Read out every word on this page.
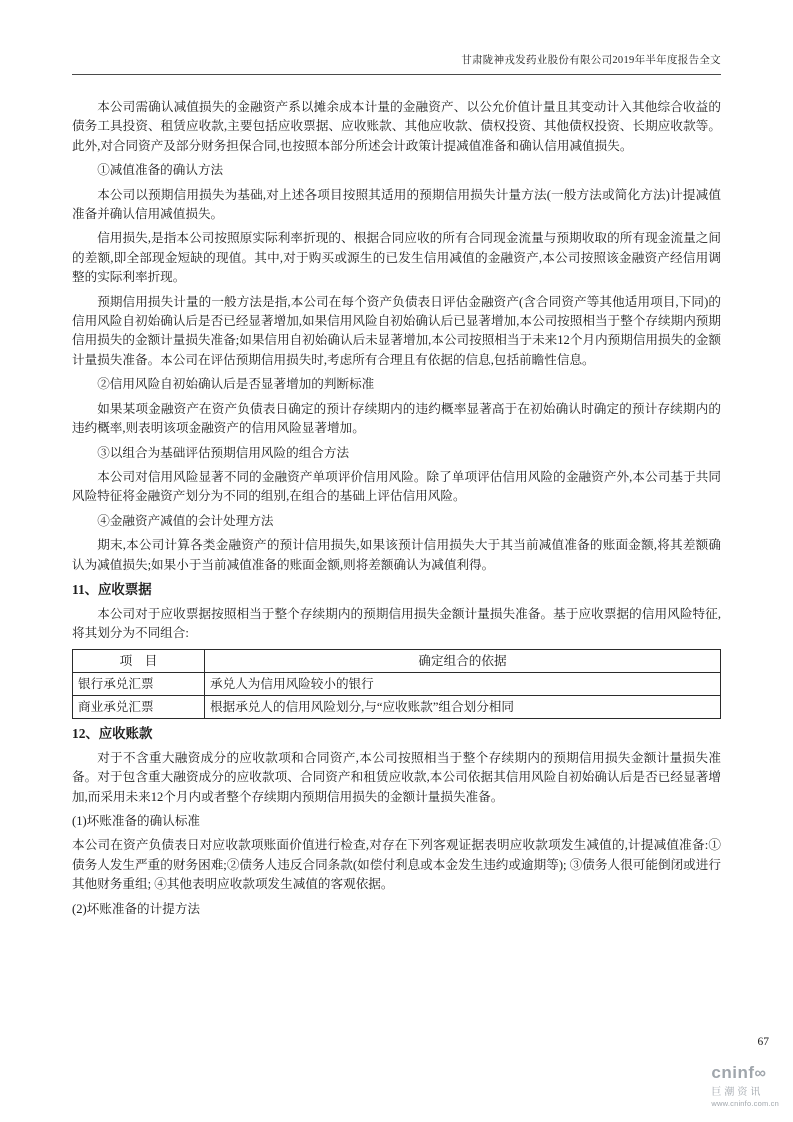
甘肃陇神戎发药业股份有限公司2019年半年度报告全文

本公司需确认减值损失的金融资产系以摊余成本计量的金融资产、以公允价值计量且其变动计入其他综合收益的债务工具投资、租赁应收款,主要包括应收票据、应收账款、其他应收款、债权投资、其他债权投资、长期应收款等。此外,对合同资产及部分财务担保合同,也按照本部分所述会计政策计提减值准备和确认信用减值损失。

①减值准备的确认方法

本公司以预期信用损失为基础,对上述各项目按照其适用的预期信用损失计量方法(一般方法或简化方法)计提减值准备并确认信用减值损失。

信用损失,是指本公司按照原实际利率折现的、根据合同应收的所有合同现金流量与预期收取的所有现金流量之间的差额,即全部现金短缺的现值。其中,对于购买或源生的已发生信用减值的金融资产,本公司按照该金融资产经信用调整的实际利率折现。

预期信用损失计量的一般方法是指,本公司在每个资产负债表日评估金融资产(含合同资产等其他适用项目,下同)的信用风险自初始确认后是否已经显著增加,如果信用风险自初始确认后已显著增加,本公司按照相当于整个存续期内预期信用损失的金额计量损失准备;如果信用自初始确认后未显著增加,本公司按照相当于未来12个月内预期信用损失的金额计量损失准备。本公司在评估预期信用损失时,考虑所有合理且有依据的信息,包括前瞻性信息。

②信用风险自初始确认后是否显著增加的判断标准

如果某项金融资产在资产负债表日确定的预计存续期内的违约概率显著高于在初始确认时确定的预计存续期内的违约概率,则表明该项金融资产的信用风险显著增加。

③以组合为基础评估预期信用风险的组合方法

本公司对信用风险显著不同的金融资产单项评价信用风险。除了单项评估信用风险的金融资产外,本公司基于共同风险特征将金融资产划分为不同的组别,在组合的基础上评估信用风险。

④金融资产减值的会计处理方法

期末,本公司计算各类金融资产的预计信用损失,如果该预计信用损失大于其当前减值准备的账面金额,将其差额确认为减值损失;如果小于当前减值准备的账面金额,则将差额确认为减值利得。

11、应收票据

本公司对于应收票据按照相当于整个存续期内的预期信用损失金额计量损失准备。基于应收票据的信用风险特征,将其划分为不同组合:

项　目	确定组合的依据
银行承兑汇票	承兑人为信用风险较小的银行
商业承兑汇票	根据承兑人的信用风险划分,与“应收账款”组合划分相同

12、应收账款

对于不含重大融资成分的应收款项和合同资产,本公司按照相当于整个存续期内的预期信用损失金额计量损失准备。对于包含重大融资成分的应收款项、合同资产和租赁应收款,本公司依据其信用风险自初始确认后是否已经显著增加,而采用未来12个月内或者整个存续期内预期信用损失的金额计量损失准备。

(1)坏账准备的确认标准

本公司在资产负债表日对应收款项账面价值进行检查,对存在下列客观证据表明应收款项发生减值的,计提减值准备:①债务人发生严重的财务困难;②债务人违反合同条款(如偿付利息或本金发生违约或逾期等); ③债务人很可能倒闭或进行其他财务重组; ④其他表明应收款项发生减值的客观依据。

(2)坏账准备的计提方法

67
cninf∞
巨潮资讯
www.cninfo.com.cn
